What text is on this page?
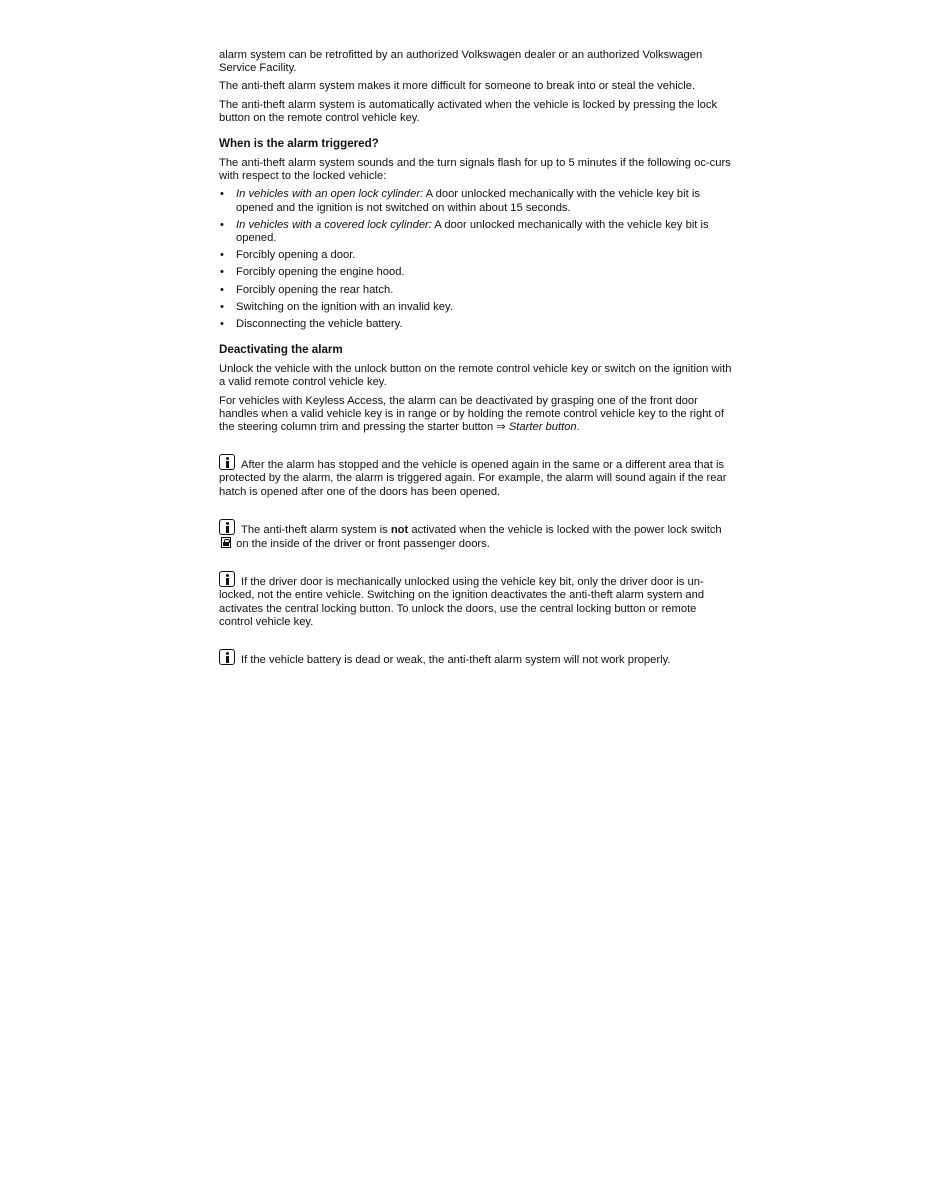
alarm system can be retrofitted by an authorized Volkswagen dealer or an authorized Volkswagen Service Facility.

The anti-theft alarm system makes it more difficult for someone to break into or steal the vehicle.

The anti-theft alarm system is automatically activated when the vehicle is locked by pressing the lock button on the remote control vehicle key.

When is the alarm triggered?

The anti-theft alarm system sounds and the turn signals flash for up to 5 minutes if the following oc-curs with respect to the locked vehicle:

• In vehicles with an open lock cylinder: A door unlocked mechanically with the vehicle key bit is opened and the ignition is not switched on within about 15 seconds.
• In vehicles with a covered lock cylinder: A door unlocked mechanically with the vehicle key bit is opened.
• Forcibly opening a door.
• Forcibly opening the engine hood.
• Forcibly opening the rear hatch.
• Switching on the ignition with an invalid key.
• Disconnecting the vehicle battery.
Deactivating the alarm

Unlock the vehicle with the unlock button on the remote control vehicle key or switch on the ignition with a valid remote control vehicle key.

For vehicles with Keyless Access, the alarm can be deactivated by grasping one of the front door handles when a valid vehicle key is in range or by holding the remote control vehicle key to the right of the steering column trim and pressing the starter button ⇒ Starter button.

After the alarm has stopped and the vehicle is opened again in the same or a different area that is protected by the alarm, the alarm is triggered again. For example, the alarm will sound again if the rear hatch is opened after one of the doors has been opened.

The anti-theft alarm system is not activated when the vehicle is locked with the power lock switch  on the inside of the driver or front passenger doors.

If the driver door is mechanically unlocked using the vehicle key bit, only the driver door is un-locked, not the entire vehicle. Switching on the ignition deactivates the anti-theft alarm system and activates the central locking button. To unlock the doors, use the central locking button or remote control vehicle key.

If the vehicle battery is dead or weak, the anti-theft alarm system will not work properly.
